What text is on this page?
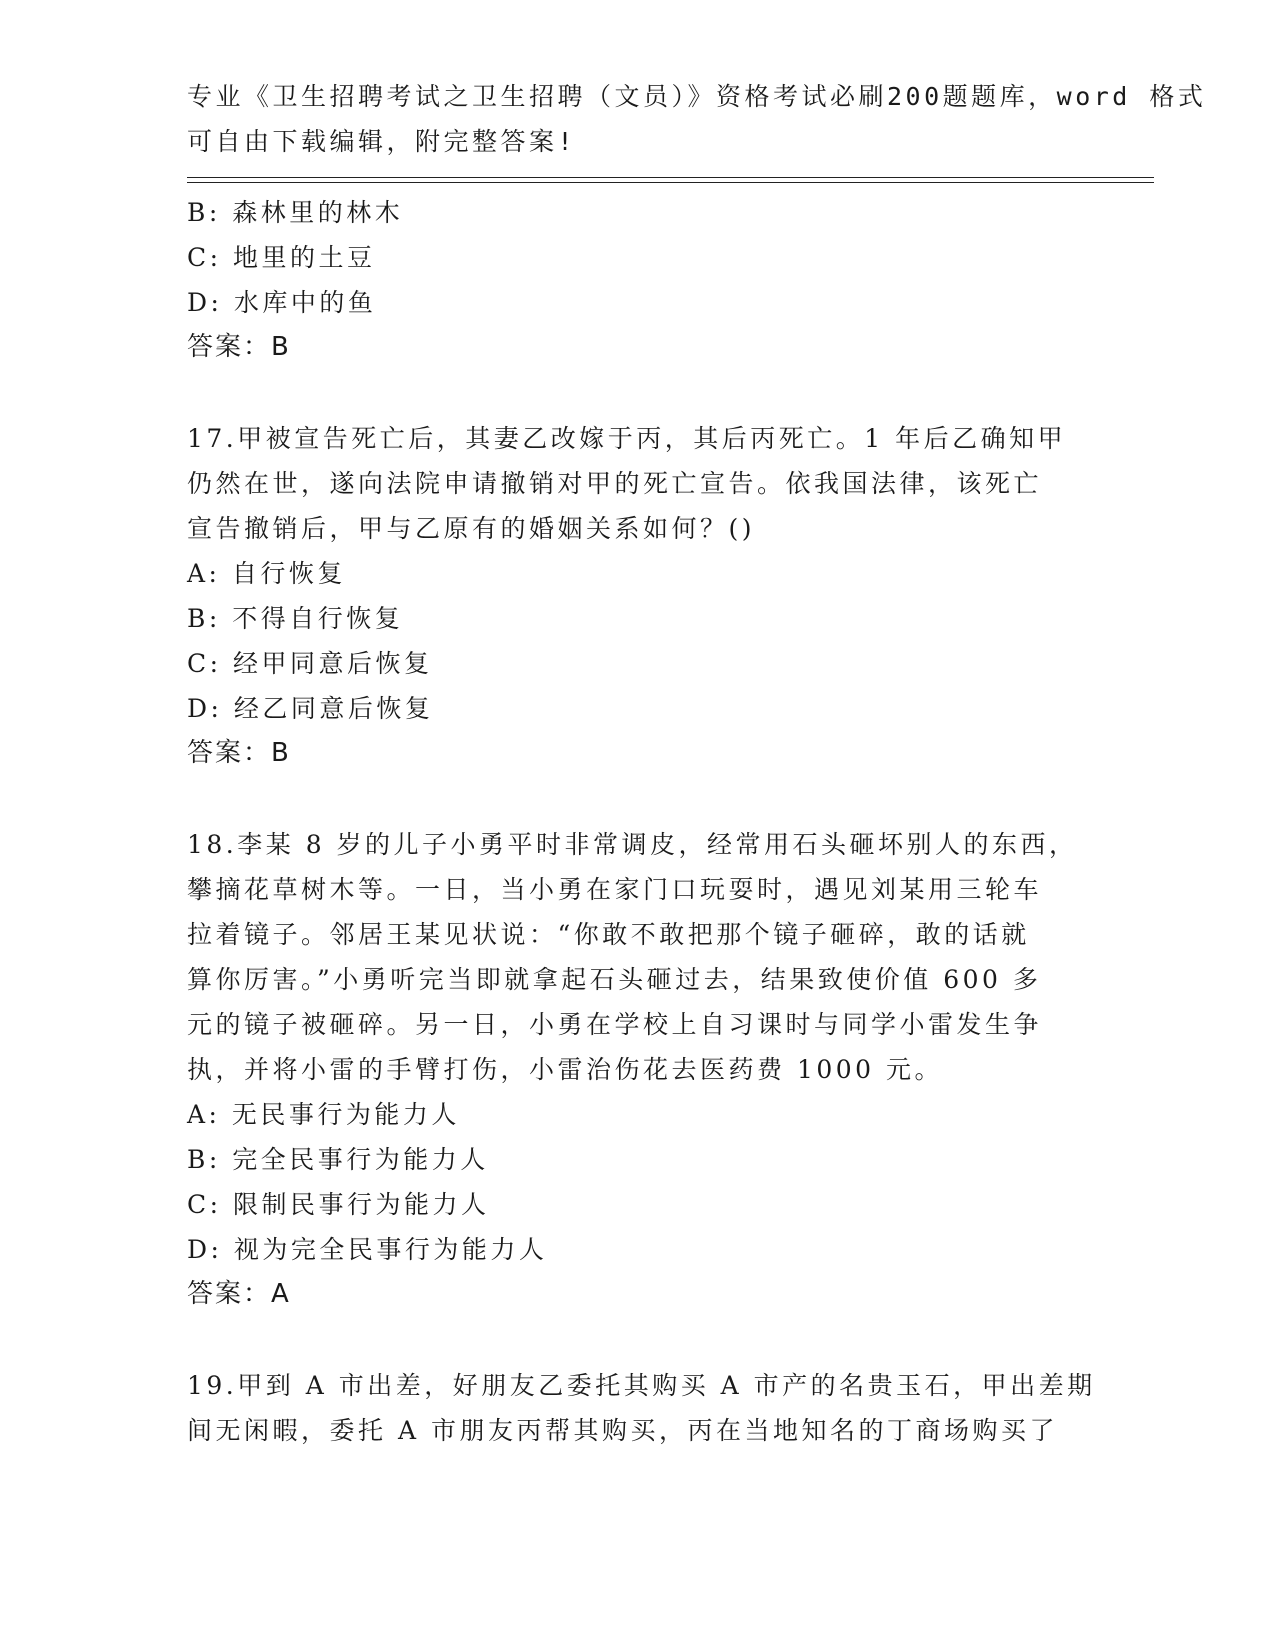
专业《卫生招聘考试之卫生招聘（文员）》资格考试必刷200题题库，word 格式
可自由下载编辑，附完整答案!
B: 森林里的林木
C: 地里的土豆
D: 水库中的鱼
答案：B
17.甲被宣告死亡后，其妻乙改嫁于丙，其后丙死亡。1 年后乙确知甲
仍然在世，遂向法院申请撤销对甲的死亡宣告。依我国法律，该死亡
宣告撤销后，甲与乙原有的婚姻关系如何？()
A: 自行恢复
B: 不得自行恢复
C: 经甲同意后恢复
D: 经乙同意后恢复
答案：B
18.李某 8 岁的儿子小勇平时非常调皮，经常用石头砸坏别人的东西，
攀摘花草树木等。一日，当小勇在家门口玩耍时，遇见刘某用三轮车
拉着镜子。邻居王某见状说：“你敢不敢把那个镜子砸碎，敢的话就
算你厉害。”小勇听完当即就拿起石头砸过去，结果致使价值 600 多
元的镜子被砸碎。另一日，小勇在学校上自习课时与同学小雷发生争
执，并将小雷的手臂打伤，小雷治伤花去医药费 1000 元。
A: 无民事行为能力人
B: 完全民事行为能力人
C: 限制民事行为能力人
D: 视为完全民事行为能力人
答案：A
19.甲到 A 市出差，好朋友乙委托其购买 A 市产的名贵玉石，甲出差期
间无闲暇，委托 A 市朋友丙帮其购买，丙在当地知名的丁商场购买了
